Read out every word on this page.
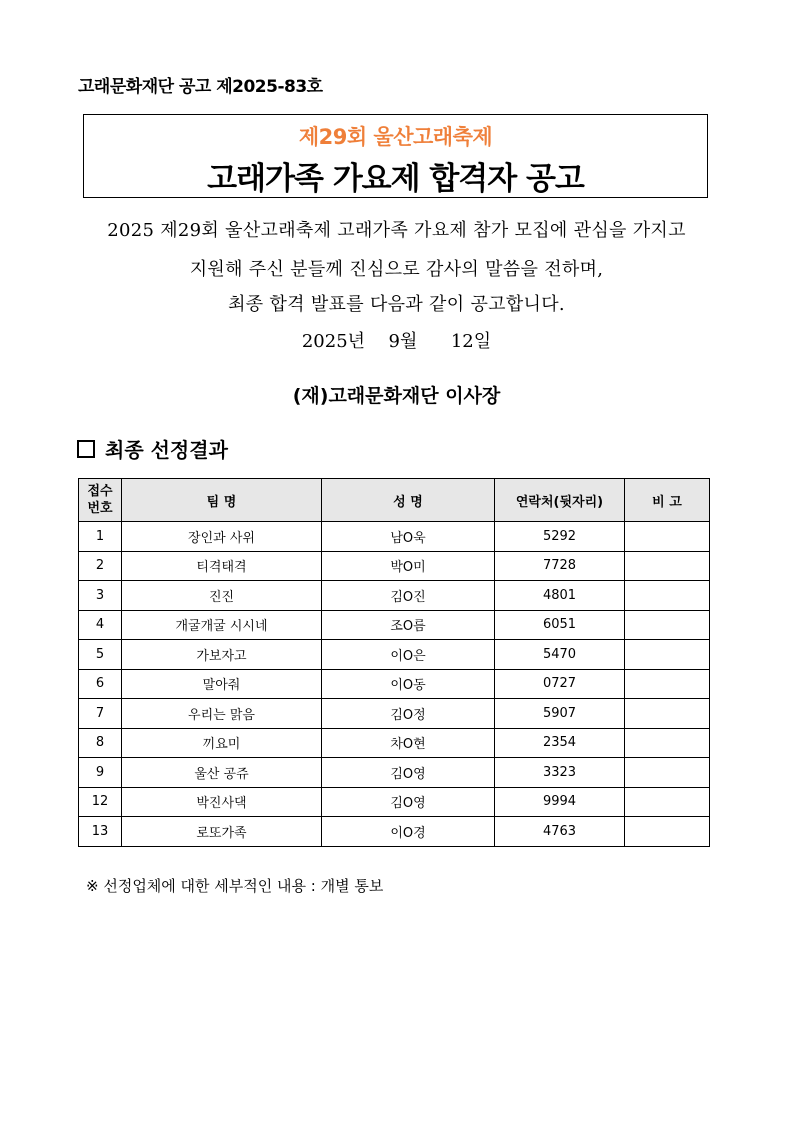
고래문화재단 공고 제2025-83호
제29회 울산고래축제
고래가족 가요제 합격자 공고
2025 제29회 울산고래축제 고래가족 가요제 참가 모집에 관심을 가지고
지원해 주신 분들께 진심으로 감사의 말씀을 전하며,
최종 합격 발표를 다음과 같이 공고합니다.
2025년 9월 12일
(재)고래문화재단 이사장
최종 선정결과
접수
번호	팀 명	성 명	연락처(뒷자리)	비 고
1	장인과 사위	남O욱	5292	
2	티격태격	박O미	7728	
3	진진	김O진	4801	
4	개굴개굴 시시네	조O름	6051	
5	가보자고	이O은	5470	
6	말아줘	이O동	0727	
7	우리는 맑음	김O정	5907	
8	끼요미	차O현	2354	
9	울산 공쥬	김O영	3323	
12	박진사댁	김O영	9994	
13	로또가족	이O경	4763	
※ 선정업체에 대한 세부적인 내용 : 개별 통보
